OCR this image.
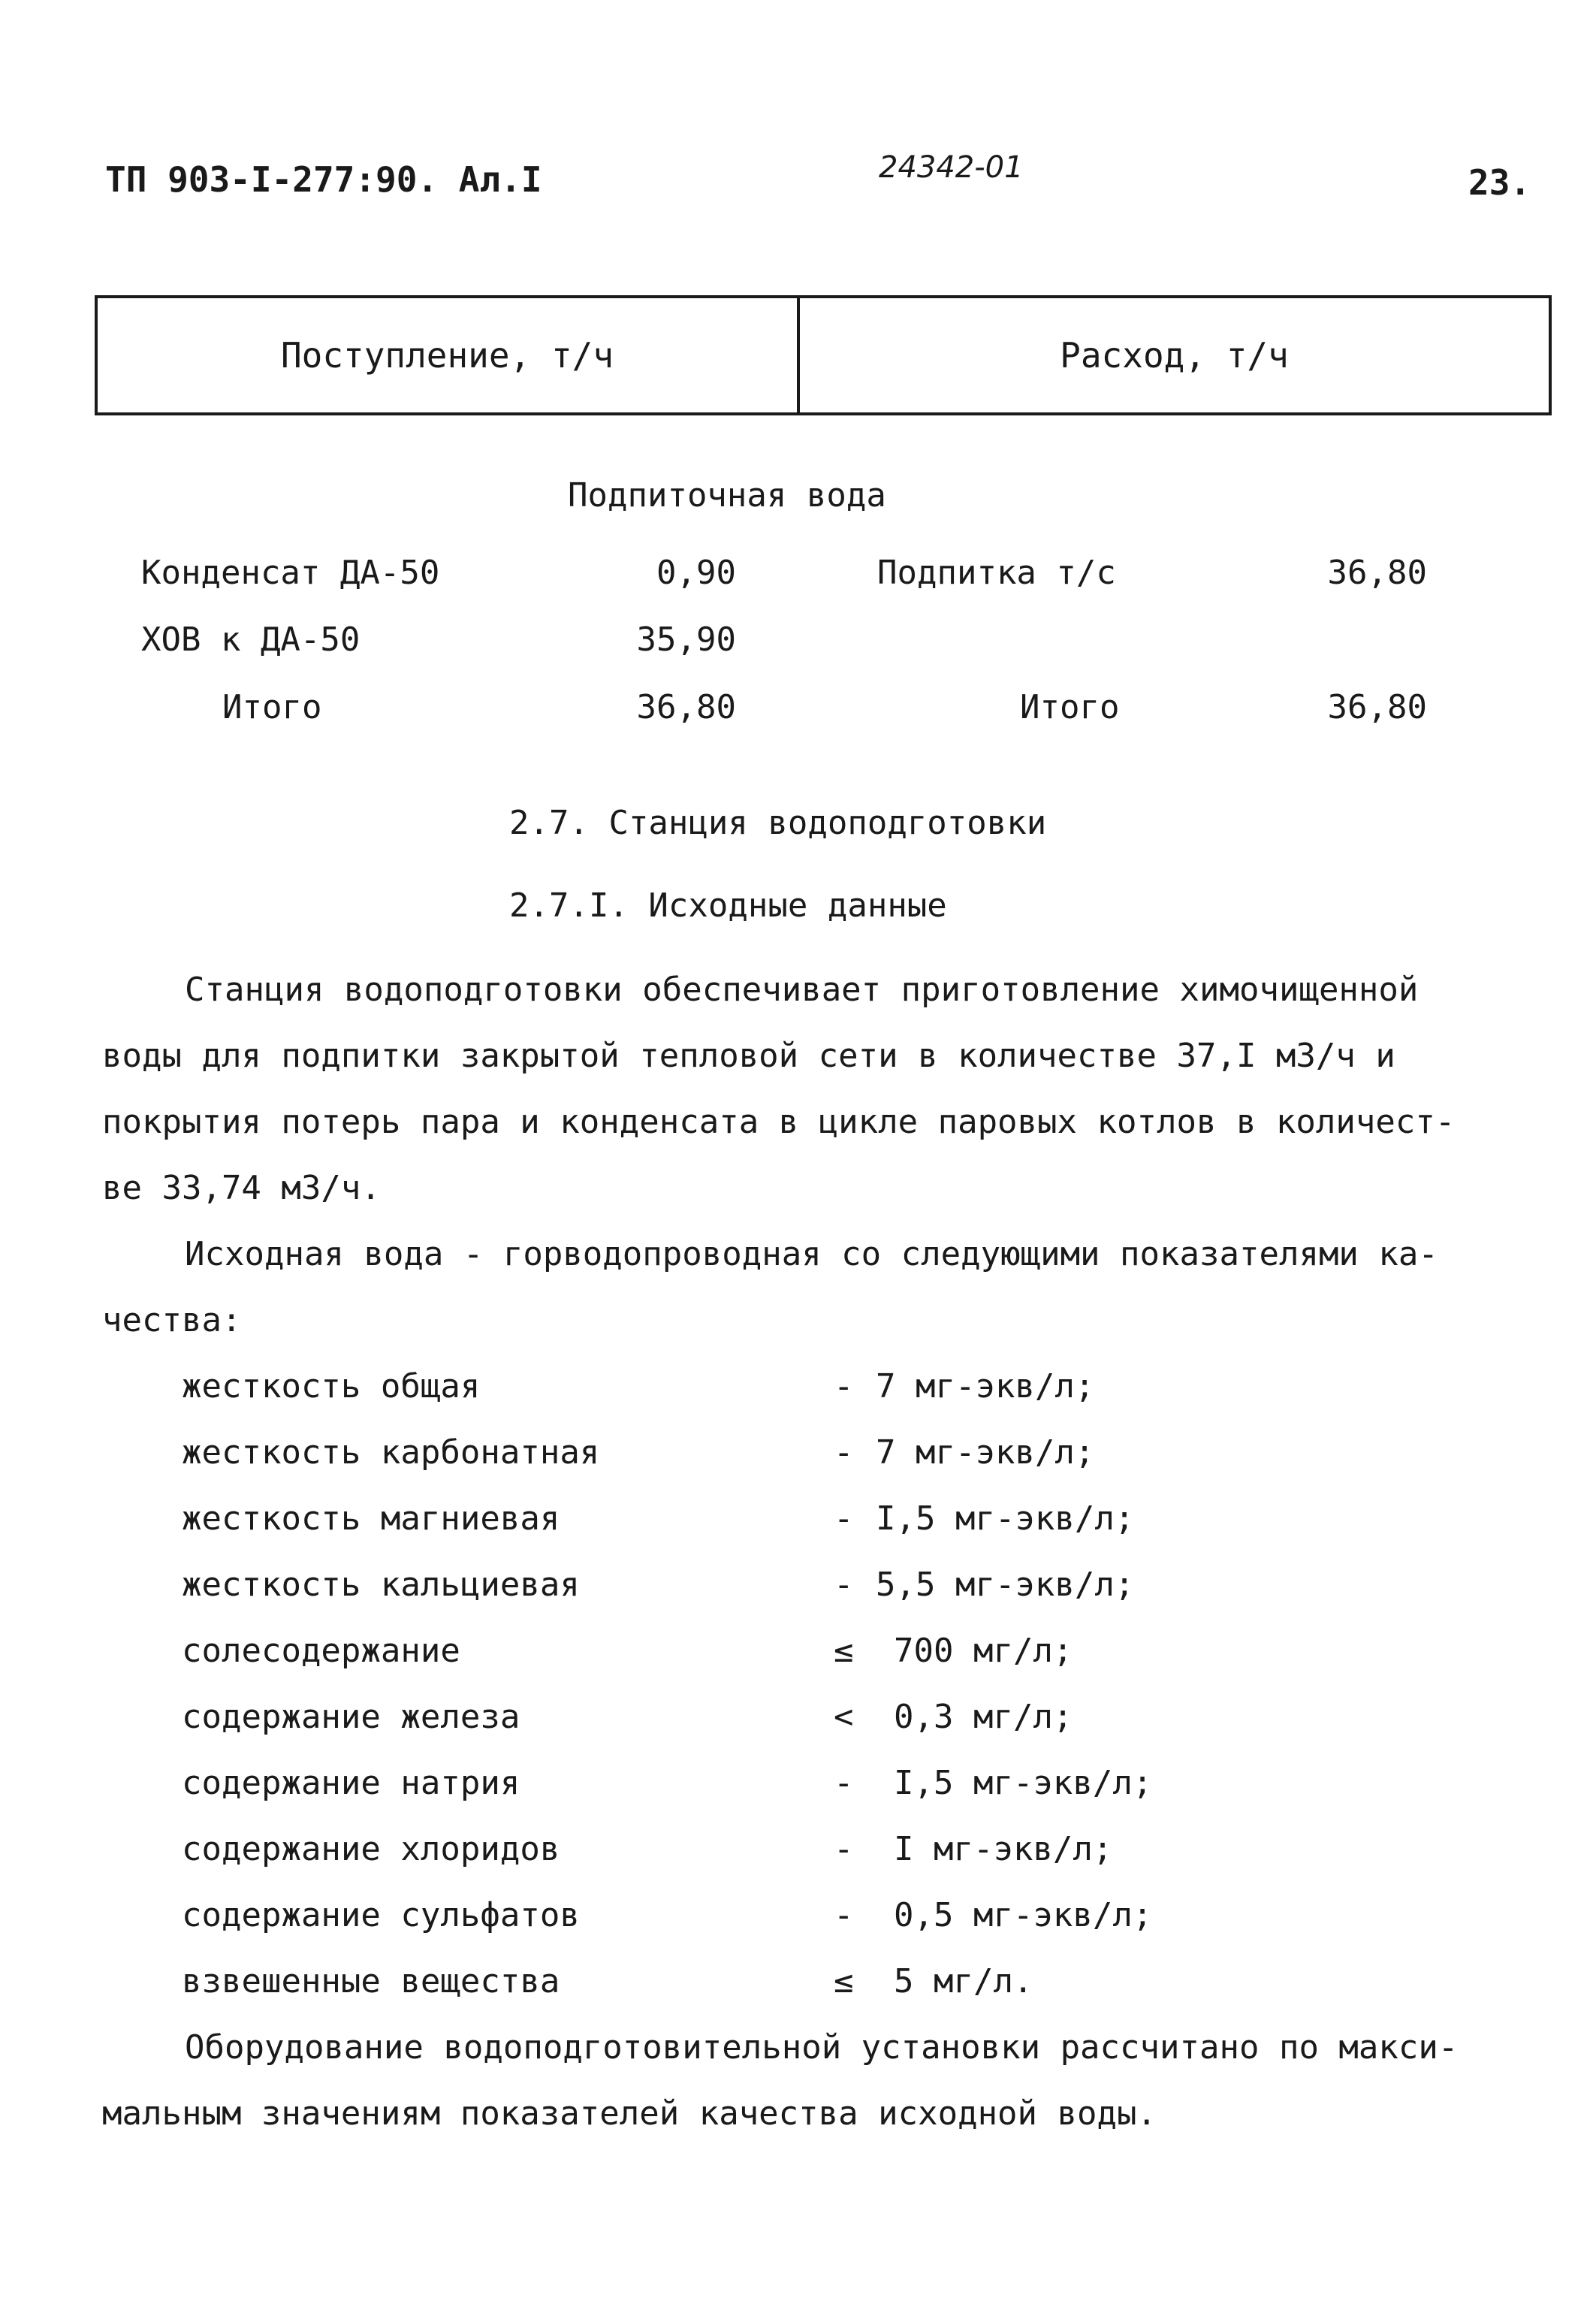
ТП 903-I-277:90. Ал.I	24342-01	23.
Поступление, т/ч	Расход, т/ч
Подпиточная вода
Конденсат ДА-50	0,90	Подпитка т/с	36,80
ХОВ к ДА-50	35,90
Итого	36,80	Итого	36,80
2.7. Станция водоподготовки
2.7.I. Исходные данные
Станция водоподготовки обеспечивает приготовление химочищенной
воды для подпитки закрытой тепловой сети в количестве 37,I м3/ч и
покрытия потерь пара и конденсата в цикле паровых котлов в количест-
ве 33,74 м3/ч.
Исходная вода - горводопроводная со следующими показателями ка-
чества:
жесткость общая	- 7 мг-экв/л;
жесткость карбонатная	- 7 мг-экв/л;
жесткость магниевая	- I,5 мг-экв/л;
жесткость кальциевая	- 5,5 мг-экв/л;
солесодержание	≤ 700 мг/л;
содержание железа	< 0,3 мг/л;
содержание натрия	- I,5 мг-экв/л;
содержание хлоридов	- I мг-экв/л;
содержание сульфатов	- 0,5 мг-экв/л;
взвешенные вещества	≤ 5 мг/л.
Оборудование водоподготовительной установки рассчитано по макси-
мальным значениям показателей качества исходной воды.
